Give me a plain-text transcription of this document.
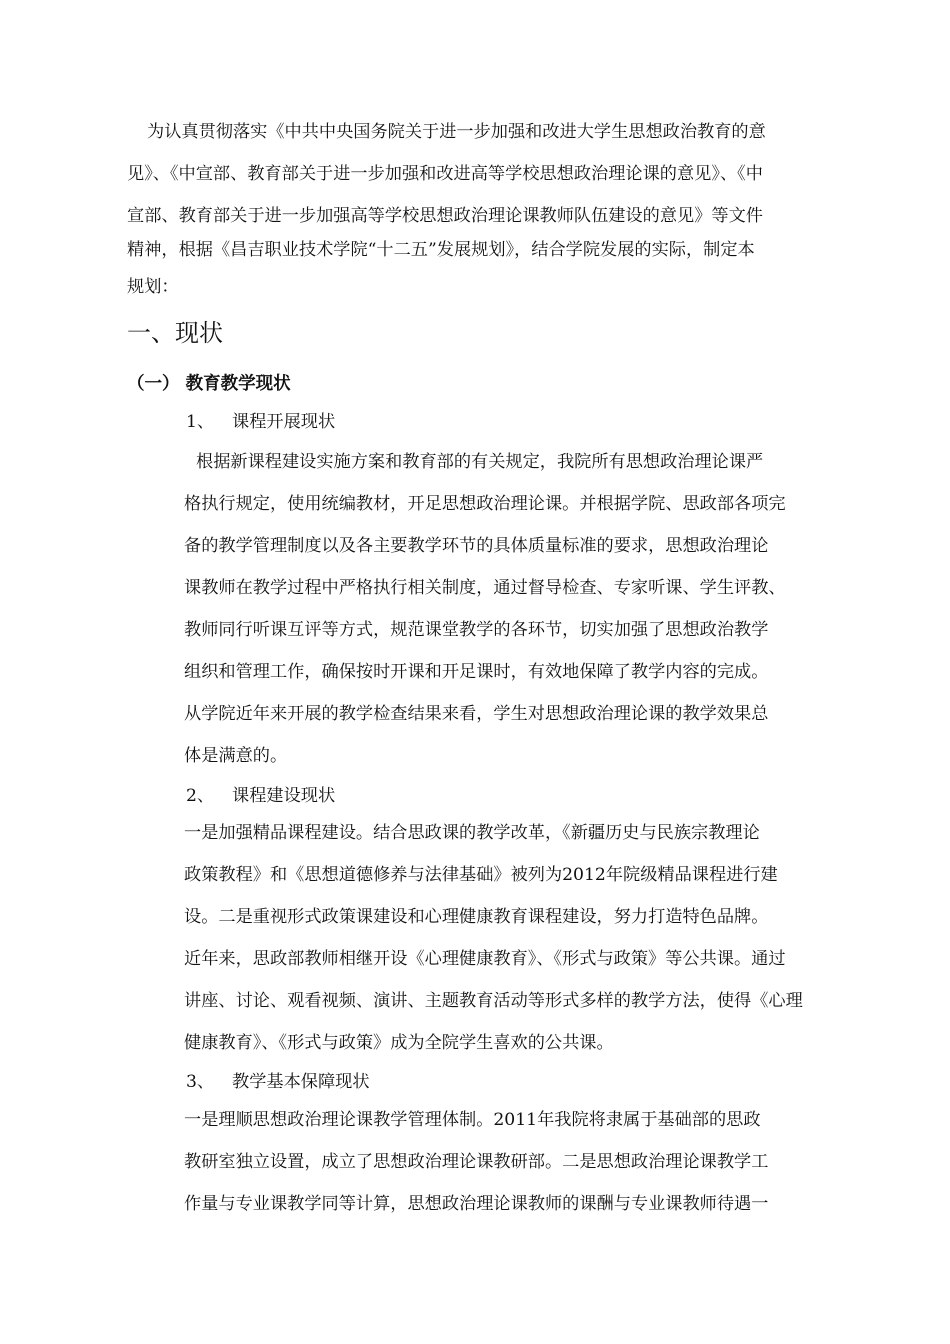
为认真贯彻落实《中共中央国务院关于进一步加强和改进大学生思想政治教育的意
见》、《中宣部、教育部关于进一步加强和改进高等学校思想政治理论课的意见》、《中
宣部、教育部关于进一步加强高等学校思想政治理论课教师队伍建设的意见》等文件
精神，根据《昌吉职业技术学院“十二五”发展规划》，结合学院发展的实际，制定本
规划：
一、现状
（一） 教育教学现状
1、 课程开展现状
根据新课程建设实施方案和教育部的有关规定，我院所有思想政治理论课严
格执行规定，使用统编教材，开足思想政治理论课。并根据学院、思政部各项完
备的教学管理制度以及各主要教学环节的具体质量标准的要求，思想政治理论
课教师在教学过程中严格执行相关制度，通过督导检查、专家听课、学生评教、
教师同行听课互评等方式，规范课堂教学的各环节，切实加强了思想政治教学
组织和管理工作，确保按时开课和开足课时，有效地保障了教学内容的完成。
从学院近年来开展的教学检查结果来看，学生对思想政治理论课的教学效果总
体是满意的。
2、 课程建设现状
一是加强精品课程建设。结合思政课的教学改革，《新疆历史与民族宗教理论
政策教程》和《思想道德修养与法律基础》被列为2012年院级精品课程进行建
设。二是重视形式政策课建设和心理健康教育课程建设，努力打造特色品牌。
近年来，思政部教师相继开设《心理健康教育》、《形式与政策》等公共课。通过
讲座、讨论、观看视频、演讲、主题教育活动等形式多样的教学方法，使得《心理
健康教育》、《形式与政策》成为全院学生喜欢的公共课。
3、 教学基本保障现状
一是理顺思想政治理论课教学管理体制。2011年我院将隶属于基础部的思政
教研室独立设置，成立了思想政治理论课教研部。二是思想政治理论课教学工
作量与专业课教学同等计算，思想政治理论课教师的课酬与专业课教师待遇一
